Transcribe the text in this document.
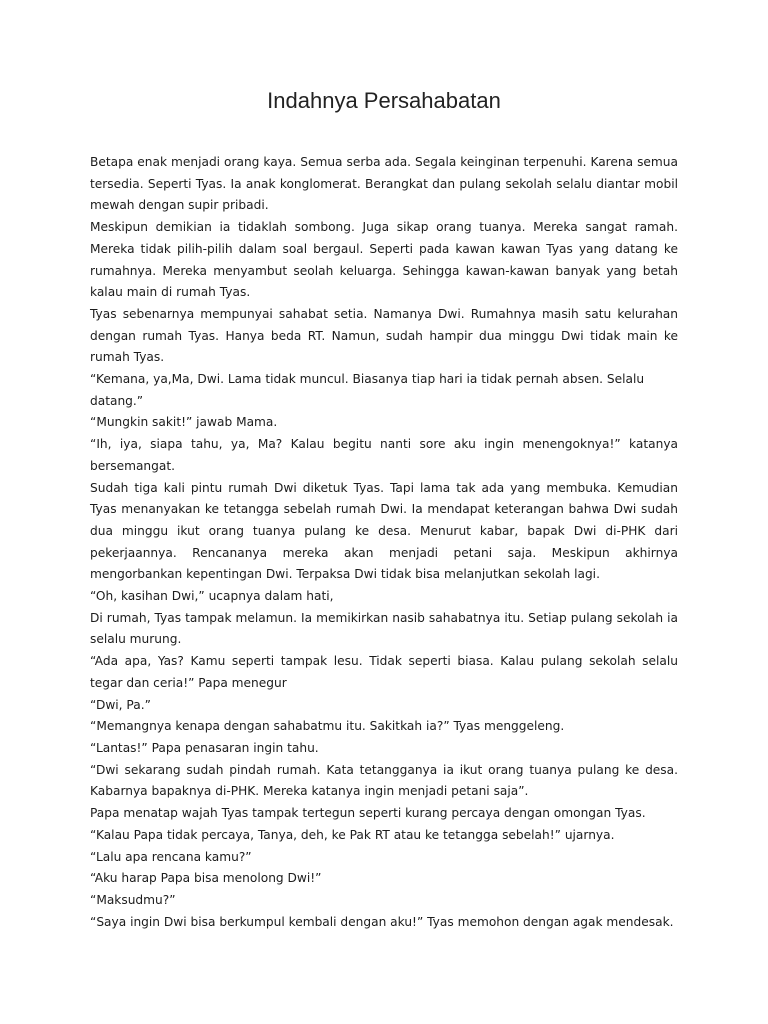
Indahnya Persahabatan

Betapa enak menjadi orang kaya. Semua serba ada. Segala keinginan terpenuhi. Karena semua tersedia. Seperti Tyas. Ia anak konglomerat. Berangkat dan pulang sekolah selalu diantar mobil mewah dengan supir pribadi.

Meskipun demikian ia tidaklah sombong. Juga sikap orang tuanya. Mereka sangat ramah. Mereka tidak pilih-pilih dalam soal bergaul. Seperti pada kawan kawan Tyas yang datang ke rumahnya. Mereka menyambut seolah keluarga. Sehingga kawan-kawan banyak yang betah kalau main di rumah Tyas.

Tyas sebenarnya mempunyai sahabat setia. Namanya Dwi. Rumahnya masih satu kelurahan dengan rumah Tyas. Hanya beda RT. Namun, sudah hampir dua minggu Dwi tidak main ke rumah Tyas.

“Kemana, ya,Ma, Dwi. Lama tidak muncul. Biasanya tiap hari ia tidak pernah absen. Selalu datang.”

“Mungkin sakit!” jawab Mama.

“Ih, iya, siapa tahu, ya, Ma? Kalau begitu nanti sore aku ingin menengoknya!” katanya bersemangat.

Sudah tiga kali pintu rumah Dwi diketuk Tyas. Tapi lama tak ada yang membuka. Kemudian Tyas menanyakan ke tetangga sebelah rumah Dwi. Ia mendapat keterangan bahwa Dwi sudah dua minggu ikut orang tuanya pulang ke desa. Menurut kabar, bapak Dwi di-PHK dari pekerjaannya. Rencananya mereka akan menjadi petani saja. Meskipun akhirnya mengorbankan kepentingan Dwi. Terpaksa Dwi tidak bisa melanjutkan sekolah lagi.

“Oh, kasihan Dwi,” ucapnya dalam hati,

Di rumah, Tyas tampak melamun. Ia memikirkan nasib sahabatnya itu. Setiap pulang sekolah ia selalu murung.

“Ada apa, Yas? Kamu seperti tampak lesu. Tidak seperti biasa. Kalau pulang sekolah selalu tegar dan ceria!” Papa menegur

“Dwi, Pa.”

“Memangnya kenapa dengan sahabatmu itu. Sakitkah ia?” Tyas menggeleng.

“Lantas!” Papa penasaran ingin tahu.

“Dwi sekarang sudah pindah rumah. Kata tetangganya ia ikut orang tuanya pulang ke desa. Kabarnya bapaknya di-PHK. Mereka katanya ingin menjadi petani saja”.

Papa menatap wajah Tyas tampak tertegun seperti kurang percaya dengan omongan Tyas.

“Kalau Papa tidak percaya, Tanya, deh, ke Pak RT atau ke tetangga sebelah!” ujarnya.

“Lalu apa rencana kamu?”

“Aku harap Papa bisa menolong Dwi!”

“Maksudmu?”

“Saya ingin Dwi bisa berkumpul kembali dengan aku!” Tyas memohon dengan agak mendesak.
